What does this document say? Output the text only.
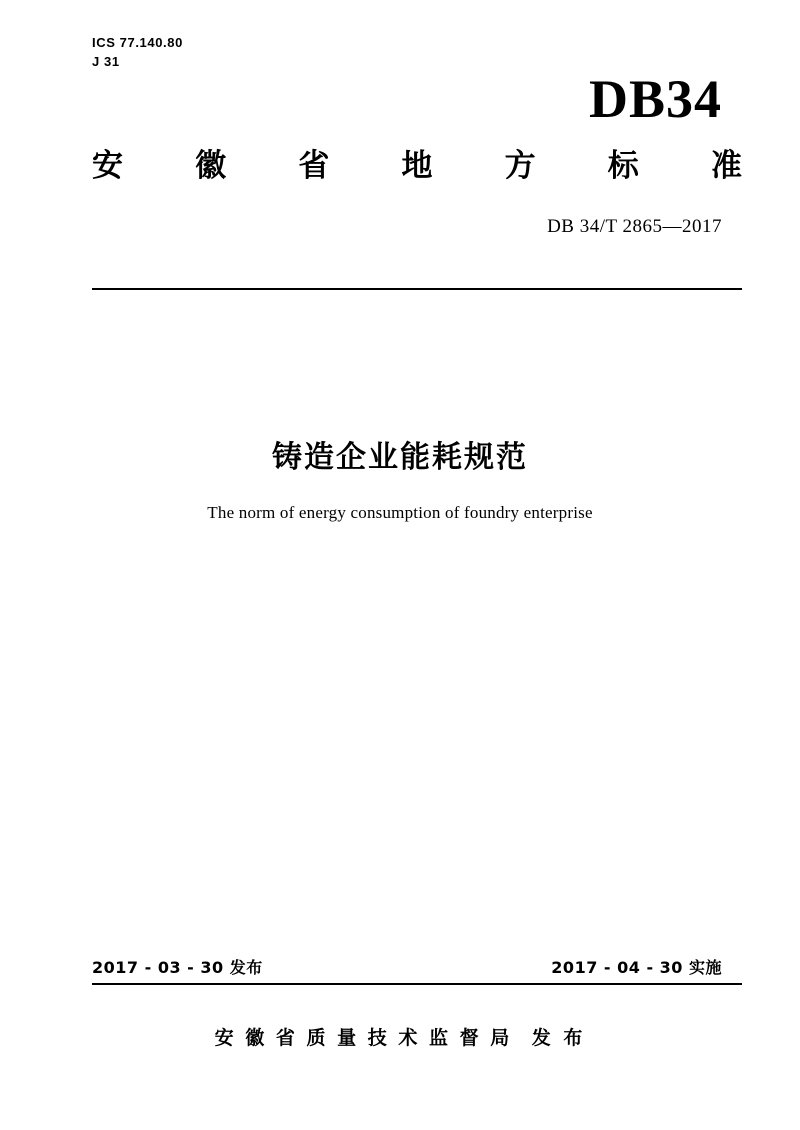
ICS 77.140.80
J 31
DB34
安 徽 省 地 方 标 准
DB 34/T 2865—2017
铸造企业能耗规范
The norm of energy consumption of foundry enterprise
2017 - 03 - 30 发布	2017 - 04 - 30 实施
安 徽 省 质 量 技 术 监 督 局 发 布
